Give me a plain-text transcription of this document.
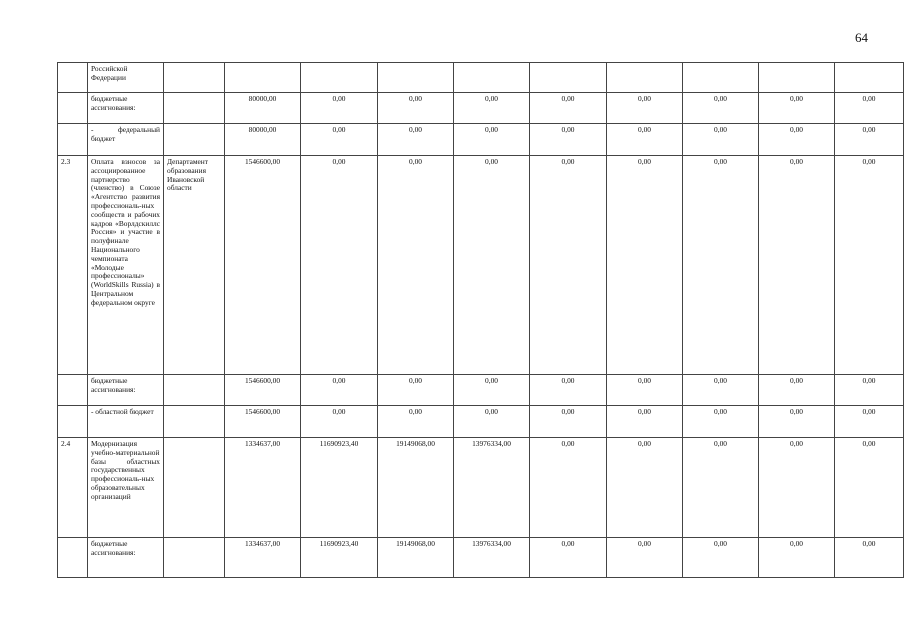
64
	Российской Федерации										
	бюджетные ассигнования:		80000,00	0,00	0,00	0,00	0,00	0,00	0,00	0,00	0,00
	- федеральный бюджет		80000,00	0,00	0,00	0,00	0,00	0,00	0,00	0,00	0,00
2.3	Оплата взносов за ассоциированное партнерство (членство) в Союзе «Агентство развития профессиональ-ных сообществ и рабочих кадров «Ворлдскиллс Россия» и участие в полуфинале Национального чемпионата «Молодые профессионалы» (WorldSkills Russia) в Центральном федеральном округе	Департамент образования Ивановской области	1546600,00	0,00	0,00	0,00	0,00	0,00	0,00	0,00	0,00
	бюджетные ассигнования:		1546600,00	0,00	0,00	0,00	0,00	0,00	0,00	0,00	0,00
	- областной бюджет		1546600,00	0,00	0,00	0,00	0,00	0,00	0,00	0,00	0,00
2.4	Модернизация учебно-материальной базы областных государственных профессиональ-ных образовательных организаций		1334637,00	11690923,40	19149068,00	13976334,00	0,00	0,00	0,00	0,00	0,00
	бюджетные ассигнования:		1334637,00	11690923,40	19149068,00	13976334,00	0,00	0,00	0,00	0,00	0,00
